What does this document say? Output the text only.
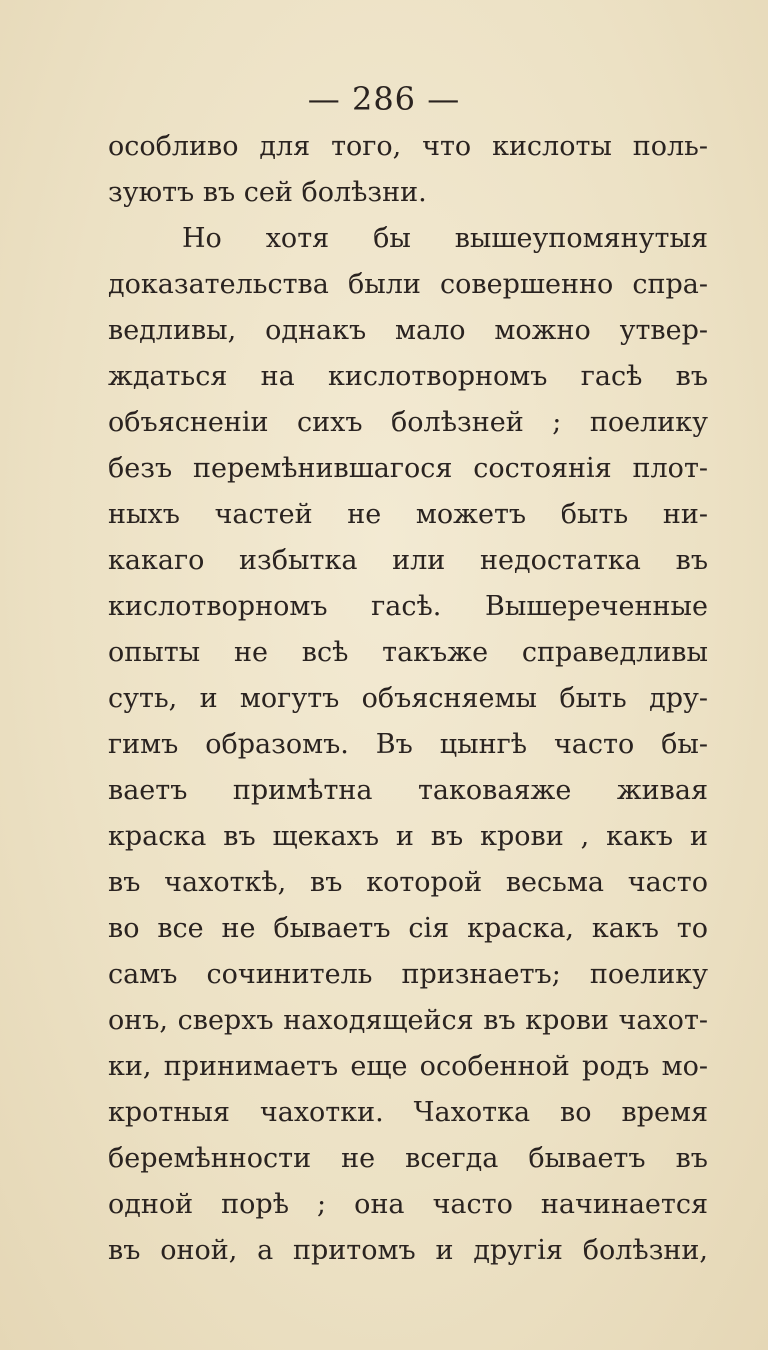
— 286 —
особливо для того, что кислоты поль-
зуютъ въ сей болѣзни.
Но хотя бы вышеупомянутыя
доказательства были совершенно спра-
ведливы, однакъ мало можно утвер-
ждаться на кислотворномъ гасѣ въ
объясненіи сихъ болѣзней ; поелику
безъ перемѣнившагося состоянія плот-
ныхъ частей не можетъ быть ни-
какаго избытка или недостатка въ
кислотворномъ гасѣ. Вышереченные
опыты не всѣ такъже справедливы
суть, и могутъ объясняемы быть дру-
гимъ образомъ. Въ цынгѣ часто бы-
ваетъ примѣтна таковаяже живая
краска въ щекахъ и въ крови , какъ и
въ чахоткѣ, въ которой весьма часто
во все не бываетъ сія краска, какъ то
самъ сочинитель признаетъ; поелику
онъ, сверхъ находящейся въ крови чахот-
ки, принимаетъ еще особенной родъ мо-
кротныя чахотки. Чахотка во время
беремѣнности не всегда бываетъ въ
одной порѣ ; она часто начинается
въ оной, а притомъ и другія болѣзни,
